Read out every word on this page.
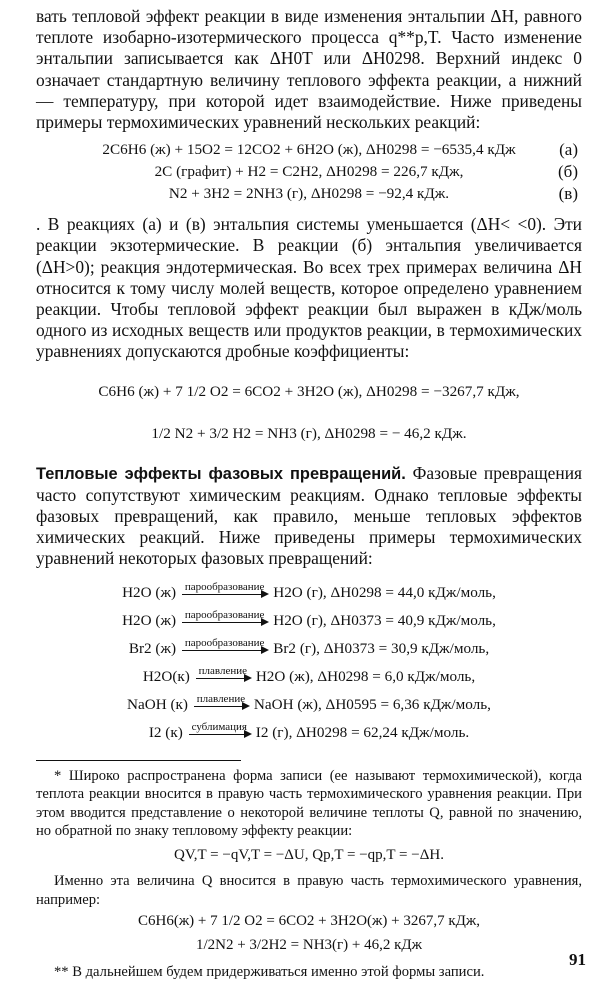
вать тепловой эффект реакции в виде изменения энтальпии ΔH, равного теплоте изобарно-изотермического процесса q**p,T. Часто изменение энтальпии записывается как ΔH0T или ΔH0298. Верхний индекс 0 означает стандартную величину теплового эффекта реакции, а нижний — температуру, при которой идет взаимодействие. Ниже приведены примеры термохимических уравнений нескольких реакций:

2C6H6 (ж) + 15O2 = 12CO2 + 6H2O (ж), ΔH0298 = −6535,4 кДж	(a)
2C (графит) + H2 = C2H2, ΔH0298 = 226,7 кДж,	(б)
N2 + 3H2 = 2NH3 (г), ΔH0298 = −92,4 кДж.	(в)

. В реакциях (а) и (в) энтальпия системы уменьшается (ΔH< <0). Эти реакции экзотермические. В реакции (б) энтальпия увеличивается (ΔH>0); реакция эндотермическая. Во всех трех примерах величина ΔH относится к тому числу молей веществ, которое определено уравнением реакции. Чтобы тепловой эффект реакции был выражен в кДж/моль одного из исходных веществ или продуктов реакции, в термохимических уравнениях допускаются дробные коэффициенты:

C6H6 (ж) + 7 1/2 O2 = 6CO2 + 3H2O (ж), ΔH0298 = −3267,7 кДж,
1/2 N2 + 3/2 H2 = NH3 (г), ΔH0298 = − 46,2 кДж.

Тепловые эффекты фазовых превращений. Фазовые превращения часто сопутствуют химическим реакциям. Однако тепловые эффекты фазовых превращений, как правило, меньше тепловых эффектов химических реакций. Ниже приведены примеры термохимических уравнений некоторых фазовых превращений:

H2O (ж) парообразование H2O (г), ΔH0298 = 44,0 кДж/моль,
H2O (ж) парообразование H2O (г), ΔH0373 = 40,9 кДж/моль,
Br2 (ж) парообразование Br2 (г), ΔH0373 = 30,9 кДж/моль,
H2O(к) плавление H2O (ж), ΔH0298 = 6,0 кДж/моль,
NaOH (к) плавление NaOH (ж), ΔH0595 = 6,36 кДж/моль,
I2 (к) сублимация I2 (г), ΔH0298 = 62,24 кДж/моль.

* Широко распространена форма записи (ее называют термохимической), когда теплота реакции вносится в правую часть термохимического уравнения реакции. При этом вводится представление о некоторой величине теплоты Q, равной по значению, но обратной по знаку тепловому эффекту реакции:

QV,T = −qV,T = −ΔU, Qp,T = −qp,T = −ΔH.

Именно эта величина Q вносится в правую часть термохимического уравнения, например:

C6H6(ж) + 7 1/2 O2 = 6CO2 + 3H2O(ж) + 3267,7 кДж,
1/2N2 + 3/2H2 = NH3(г) + 46,2 кДж

** В дальнейшем будем придерживаться именно этой формы записи.

91
